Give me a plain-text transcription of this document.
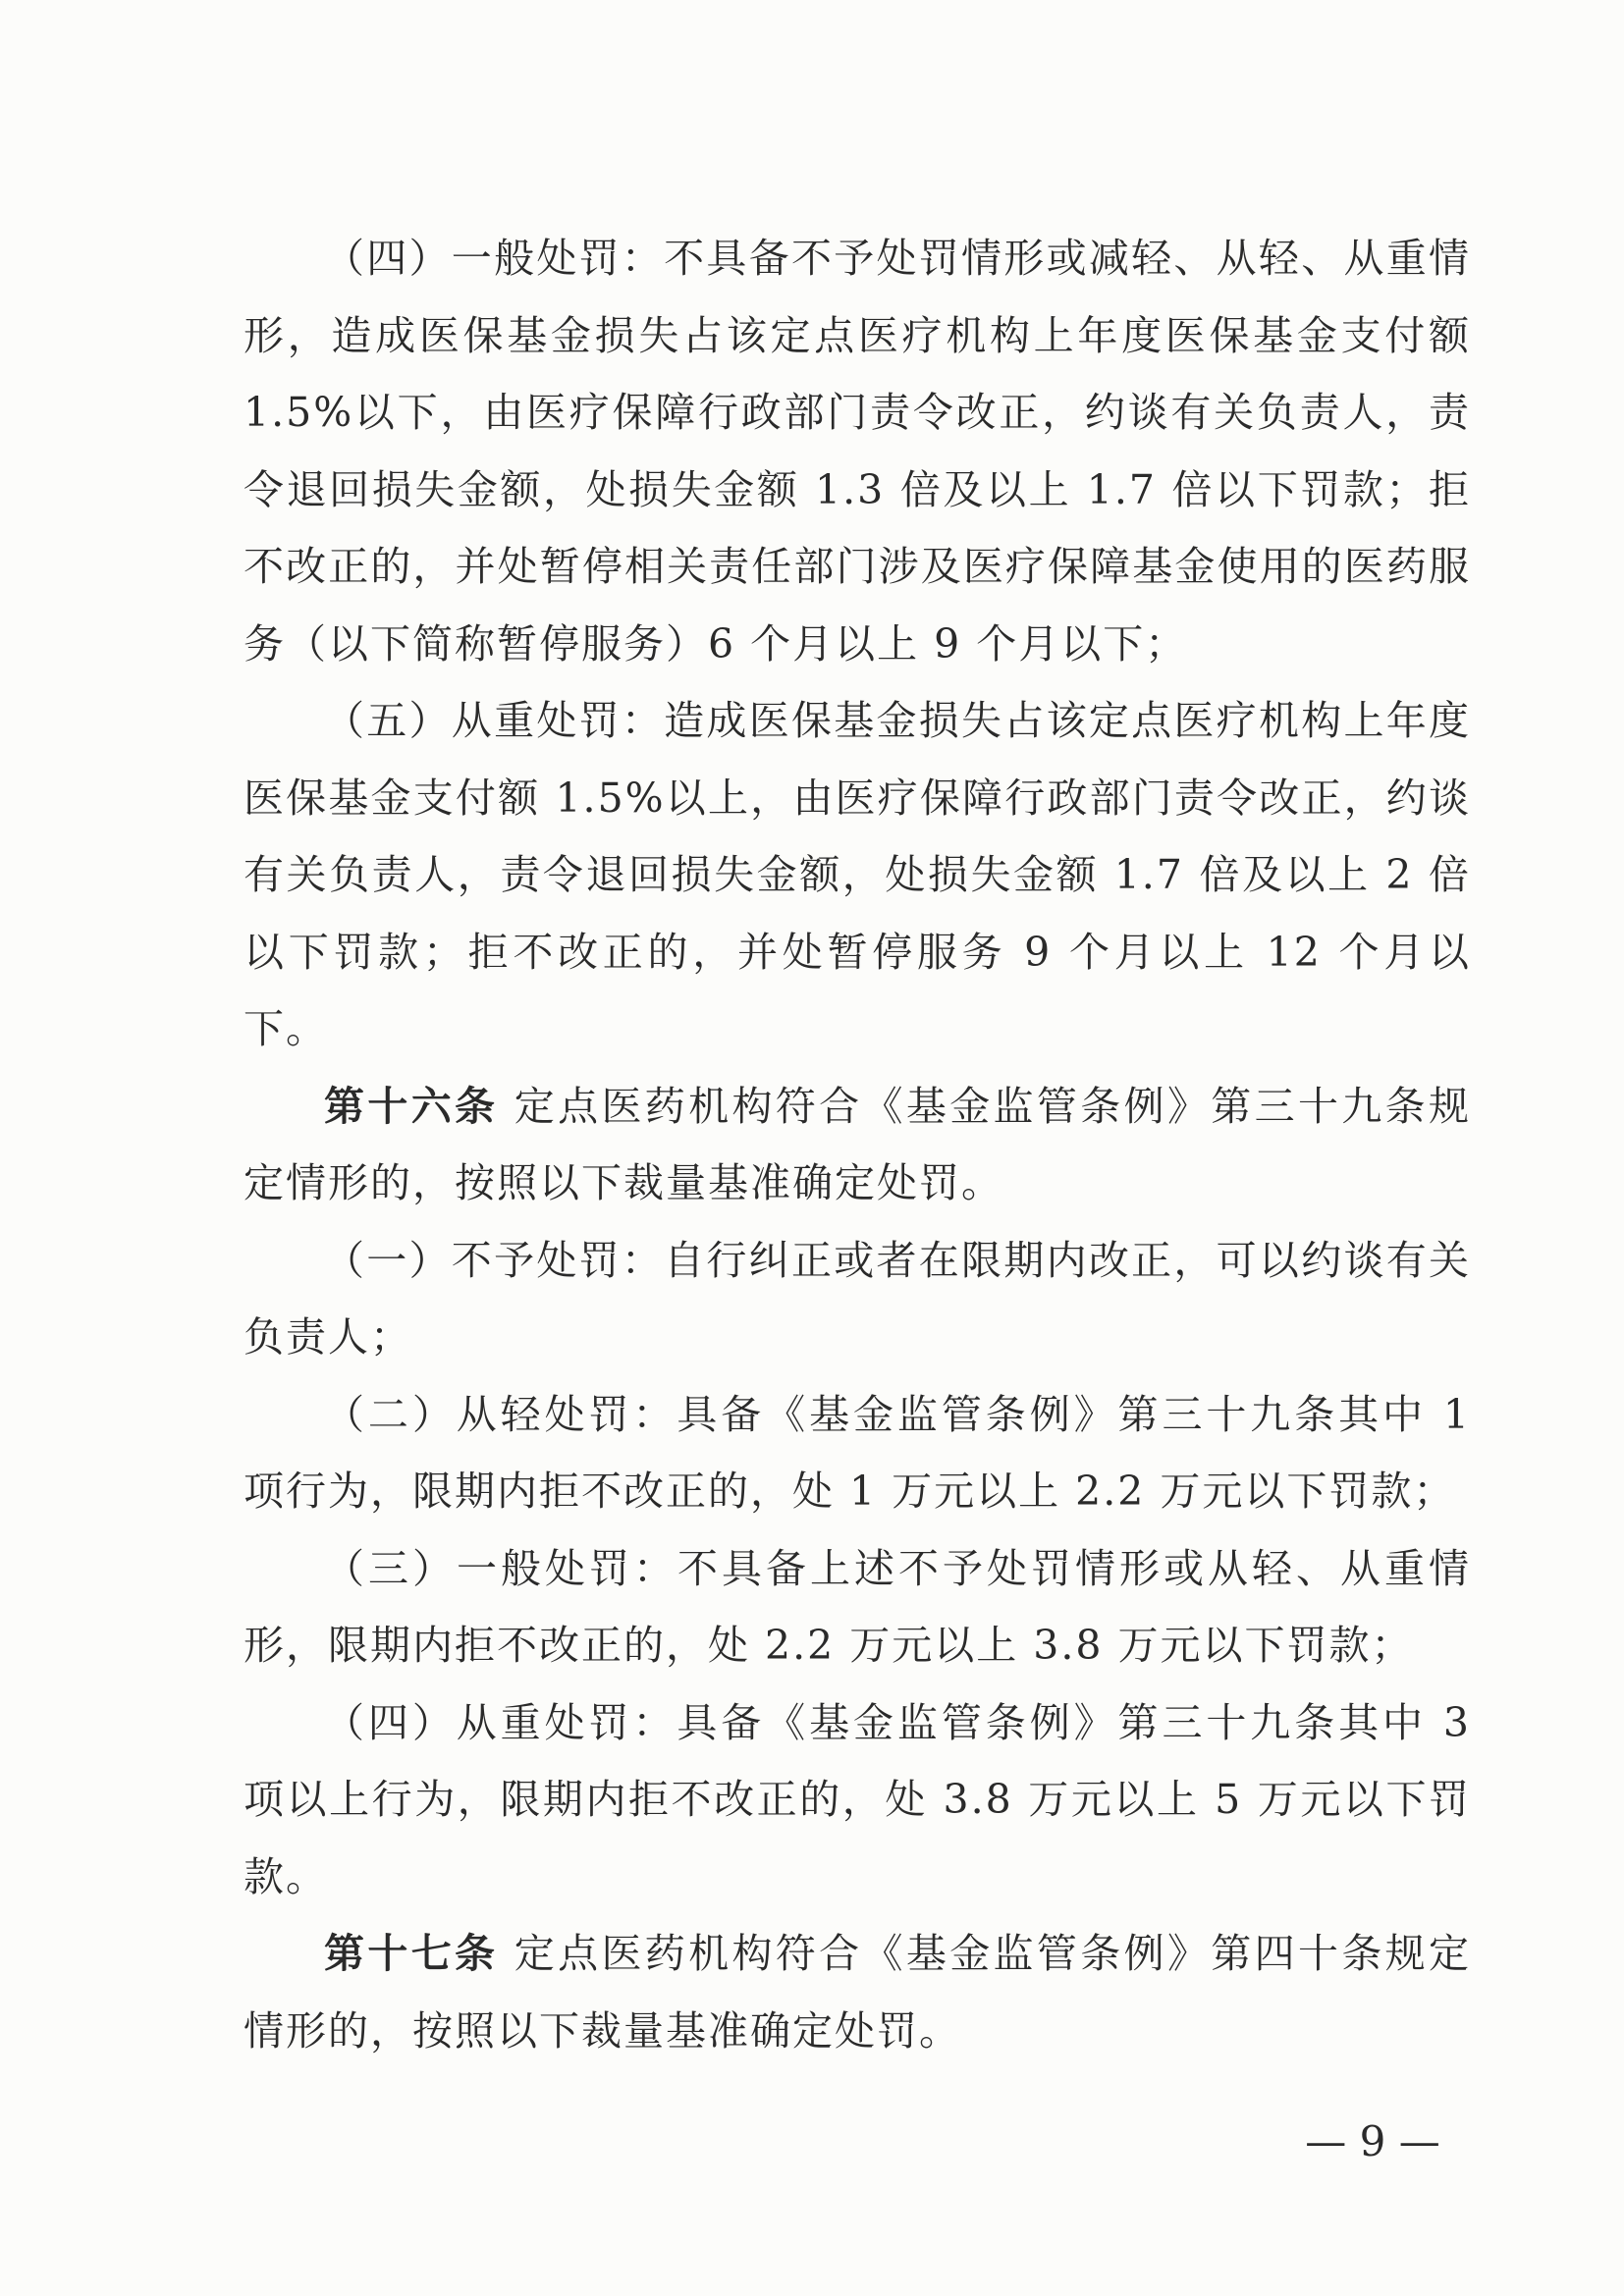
（四）一般处罚：不具备不予处罚情形或减轻、从轻、从重情形，造成医保基金损失占该定点医疗机构上年度医保基金支付额 1.5%以下，由医疗保障行政部门责令改正，约谈有关负责人，责令退回损失金额，处损失金额 1.3 倍及以上 1.7 倍以下罚款；拒不改正的，并处暂停相关责任部门涉及医疗保障基金使用的医药服务（以下简称暂停服务）6 个月以上 9 个月以下；

（五）从重处罚：造成医保基金损失占该定点医疗机构上年度医保基金支付额 1.5%以上，由医疗保障行政部门责令改正，约谈有关负责人，责令退回损失金额，处损失金额 1.7 倍及以上 2 倍以下罚款；拒不改正的，并处暂停服务 9 个月以上 12 个月以下。

第十六条 定点医药机构符合《基金监管条例》第三十九条规定情形的，按照以下裁量基准确定处罚。

（一）不予处罚：自行纠正或者在限期内改正，可以约谈有关负责人；

（二）从轻处罚：具备《基金监管条例》第三十九条其中 1 项行为，限期内拒不改正的，处 1 万元以上 2.2 万元以下罚款；

（三）一般处罚：不具备上述不予处罚情形或从轻、从重情形，限期内拒不改正的，处 2.2 万元以上 3.8 万元以下罚款；

（四）从重处罚：具备《基金监管条例》第三十九条其中 3 项以上行为，限期内拒不改正的，处 3.8 万元以上 5 万元以下罚款。

第十七条 定点医药机构符合《基金监管条例》第四十条规定情形的，按照以下裁量基准确定处罚。

— 9 —
